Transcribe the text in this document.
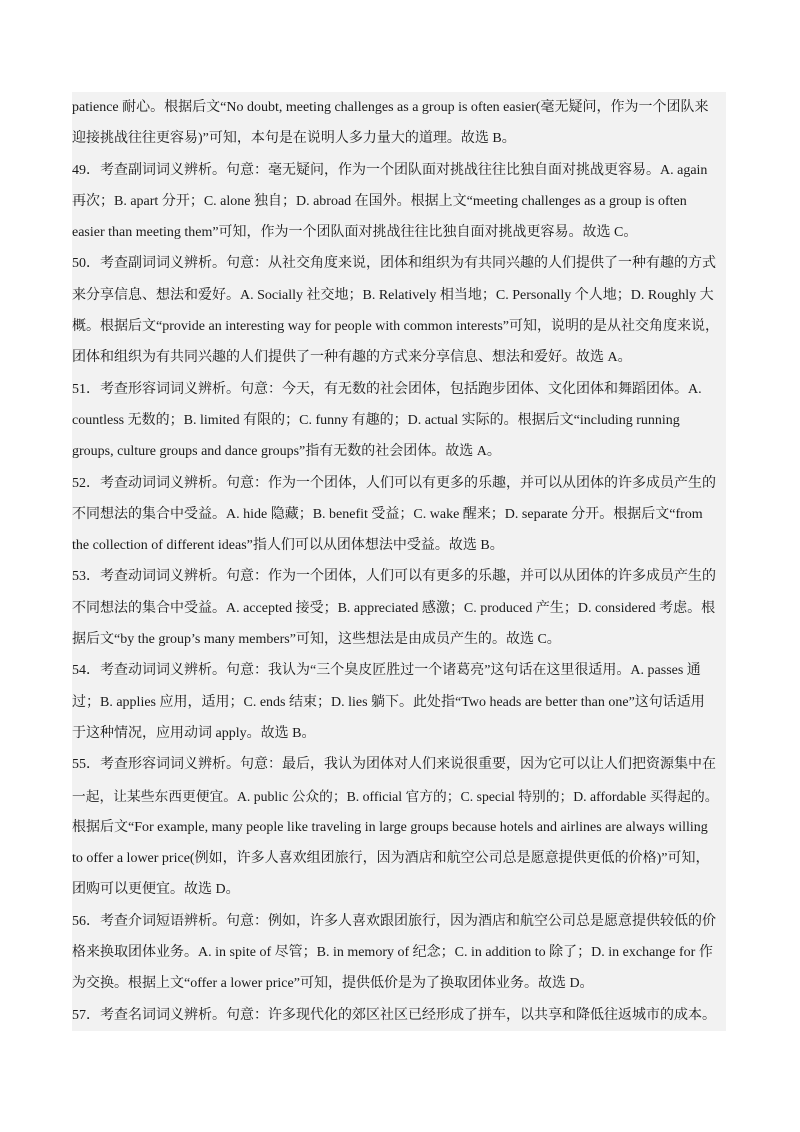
patience 耐心。根据后文“No doubt, meeting challenges as a group is often easier(毫无疑问，作为一个团队来
迎接挑战往往更容易)”可知，本句是在说明人多力量大的道理。故选 B。
49．考查副词词义辨析。句意：毫无疑问，作为一个团队面对挑战往往比独自面对挑战更容易。A. again
再次；B. apart 分开；C. alone 独自；D. abroad 在国外。根据上文“meeting challenges as a group is often
easier than meeting them”可知，作为一个团队面对挑战往往比独自面对挑战更容易。故选 C。
50．考查副词词义辨析。句意：从社交角度来说，团体和组织为有共同兴趣的人们提供了一种有趣的方式
来分享信息、想法和爱好。A. Socially 社交地；B. Relatively 相当地；C. Personally 个人地；D. Roughly 大
概。根据后文“provide an interesting way for people with common interests”可知，说明的是从社交角度来说，
团体和组织为有共同兴趣的人们提供了一种有趣的方式来分享信息、想法和爱好。故选 A。
51．考查形容词词义辨析。句意：今天，有无数的社会团体，包括跑步团体、文化团体和舞蹈团体。A.
countless 无数的；B. limited 有限的；C. funny 有趣的；D. actual 实际的。根据后文“including running
groups, culture groups and dance groups”指有无数的社会团体。故选 A。
52．考查动词词义辨析。句意：作为一个团体，人们可以有更多的乐趣，并可以从团体的许多成员产生的
不同想法的集合中受益。A. hide 隐藏；B. benefit 受益；C. wake 醒来；D. separate 分开。根据后文“from
the collection of different ideas”指人们可以从团体想法中受益。故选 B。
53．考查动词词义辨析。句意：作为一个团体，人们可以有更多的乐趣，并可以从团体的许多成员产生的
不同想法的集合中受益。A. accepted 接受；B. appreciated 感激；C. produced 产生；D. considered 考虑。根
据后文“by the group’s many members”可知，这些想法是由成员产生的。故选 C。
54．考查动词词义辨析。句意：我认为“三个臭皮匠胜过一个诸葛亮”这句话在这里很适用。A. passes 通
过；B. applies 应用，适用；C. ends 结束；D. lies 躺下。此处指“Two heads are better than one”这句话适用
于这种情况，应用动词 apply。故选 B。
55．考查形容词词义辨析。句意：最后，我认为团体对人们来说很重要，因为它可以让人们把资源集中在
一起，让某些东西更便宜。A. public 公众的；B. official 官方的；C. special 特别的；D. affordable 买得起的。
根据后文“For example, many people like traveling in large groups because hotels and airlines are always willing
to offer a lower price(例如，许多人喜欢组团旅行，因为酒店和航空公司总是愿意提供更低的价格)”可知，
团购可以更便宜。故选 D。
56．考查介词短语辨析。句意：例如，许多人喜欢跟团旅行，因为酒店和航空公司总是愿意提供较低的价
格来换取团体业务。A. in spite of 尽管；B. in memory of 纪念；C. in addition to 除了；D. in exchange for 作
为交换。根据上文“offer a lower price”可知，提供低价是为了换取团体业务。故选 D。
57．考查名词词义辨析。句意：许多现代化的郊区社区已经形成了拼车，以共享和降低往返城市的成本。
